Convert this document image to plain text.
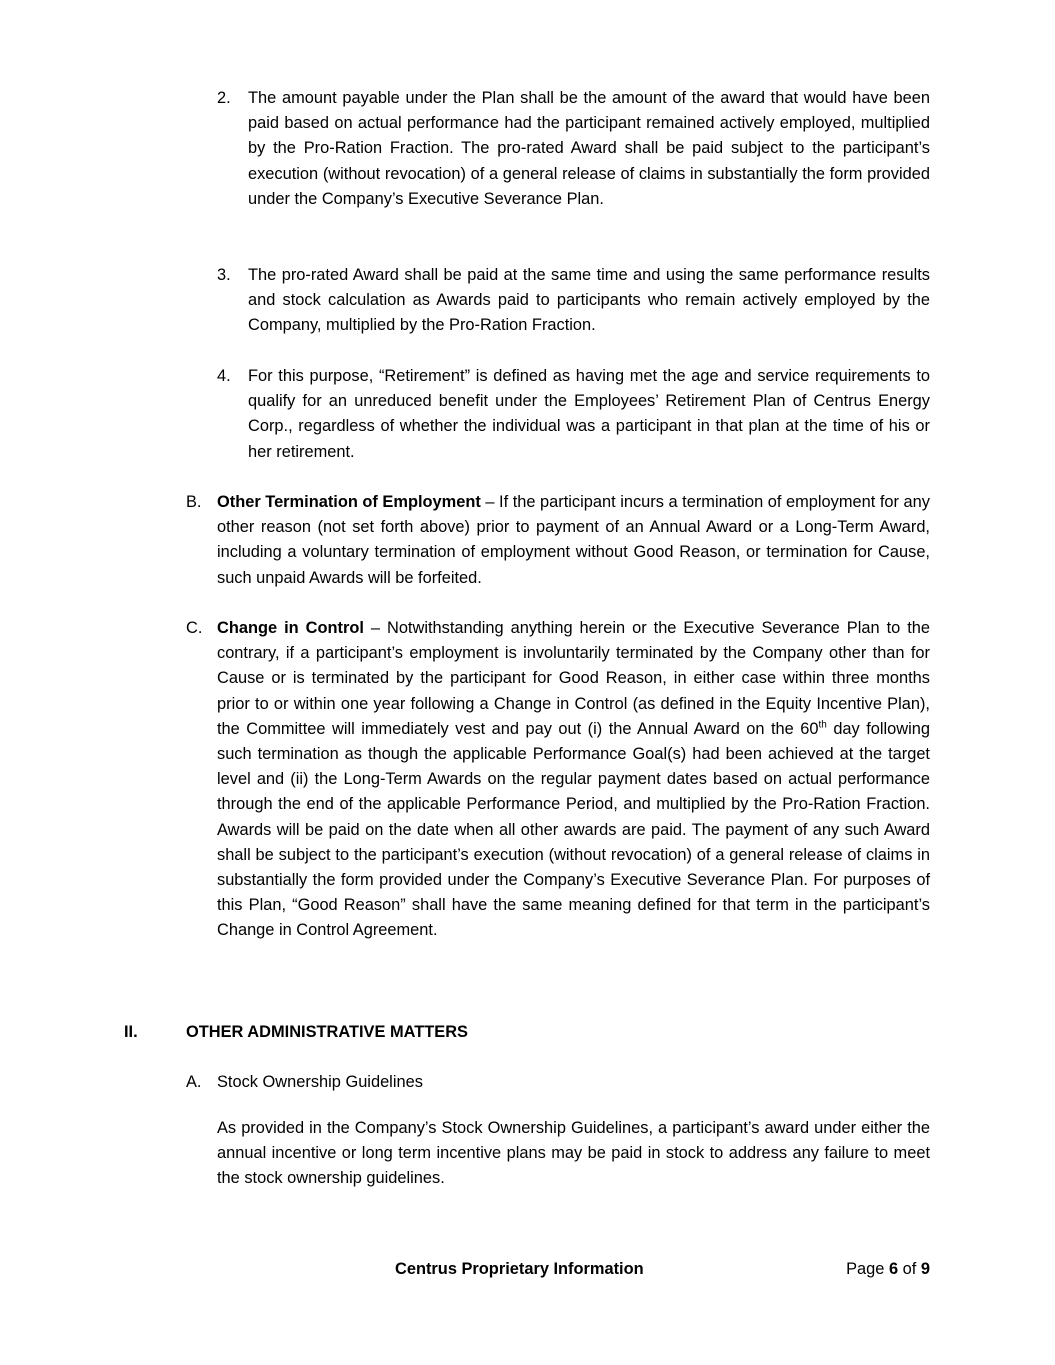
2. The amount payable under the Plan shall be the amount of the award that would have been paid based on actual performance had the participant remained actively employed, multiplied by the Pro-Ration Fraction. The pro-rated Award shall be paid subject to the participant’s execution (without revocation) of a general release of claims in substantially the form provided under the Company’s Executive Severance Plan.
3. The pro-rated Award shall be paid at the same time and using the same performance results and stock calculation as Awards paid to participants who remain actively employed by the Company, multiplied by the Pro-Ration Fraction.
4. For this purpose, “Retirement” is defined as having met the age and service requirements to qualify for an unreduced benefit under the Employees’ Retirement Plan of Centrus Energy Corp., regardless of whether the individual was a participant in that plan at the time of his or her retirement.
B. Other Termination of Employment – If the participant incurs a termination of employment for any other reason (not set forth above) prior to payment of an Annual Award or a Long-Term Award, including a voluntary termination of employment without Good Reason, or termination for Cause, such unpaid Awards will be forfeited.
C. Change in Control – Notwithstanding anything herein or the Executive Severance Plan to the contrary, if a participant’s employment is involuntarily terminated by the Company other than for Cause or is terminated by the participant for Good Reason, in either case within three months prior to or within one year following a Change in Control (as defined in the Equity Incentive Plan), the Committee will immediately vest and pay out (i) the Annual Award on the 60th day following such termination as though the applicable Performance Goal(s) had been achieved at the target level and (ii) the Long-Term Awards on the regular payment dates based on actual performance through the end of the applicable Performance Period, and multiplied by the Pro-Ration Fraction. Awards will be paid on the date when all other awards are paid. The payment of any such Award shall be subject to the participant’s execution (without revocation) of a general release of claims in substantially the form provided under the Company’s Executive Severance Plan. For purposes of this Plan, “Good Reason” shall have the same meaning defined for that term in the participant’s Change in Control Agreement.
II.	OTHER ADMINISTRATIVE MATTERS
A. Stock Ownership Guidelines
As provided in the Company’s Stock Ownership Guidelines, a participant’s award under either the annual incentive or long term incentive plans may be paid in stock to address any failure to meet the stock ownership guidelines.
Centrus Proprietary Information	Page 6 of 9
